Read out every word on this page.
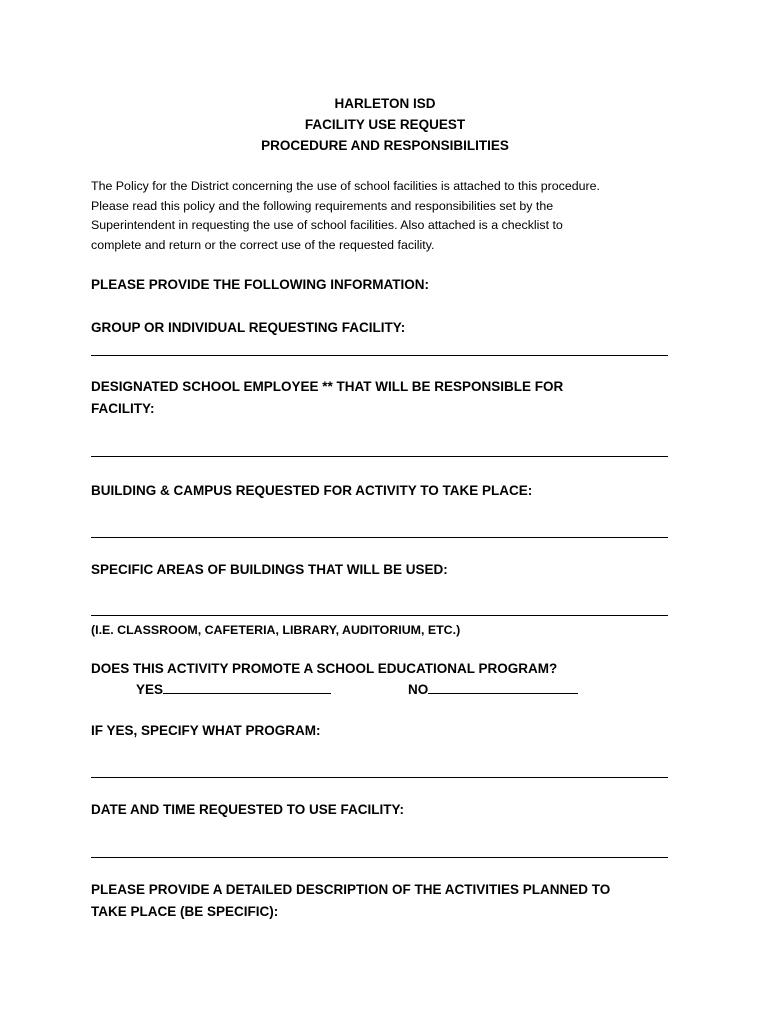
HARLETON ISD
FACILITY USE REQUEST
PROCEDURE AND RESPONSIBILITIES
The Policy for the District concerning the use of school facilities is attached to this procedure.
Please read this policy and the following requirements and responsibilities set by the
Superintendent in requesting the use of school facilities. Also attached is a checklist to
complete and return or the correct use of the requested facility.
PLEASE PROVIDE THE FOLLOWING INFORMATION:
GROUP OR INDIVIDUAL REQUESTING FACILITY:
DESIGNATED SCHOOL EMPLOYEE ** THAT WILL BE RESPONSIBLE FOR
FACILITY:
BUILDING & CAMPUS REQUESTED FOR ACTIVITY TO TAKE PLACE:
SPECIFIC AREAS OF BUILDINGS THAT WILL BE USED:
(I.E. CLASSROOM, CAFETERIA, LIBRARY, AUDITORIUM, ETC.)
DOES THIS ACTIVITY PROMOTE A SCHOOL EDUCATIONAL PROGRAM?
YES	NO
IF YES, SPECIFY WHAT PROGRAM:
DATE AND TIME REQUESTED TO USE FACILITY:
PLEASE PROVIDE A DETAILED DESCRIPTION OF THE ACTIVITIES PLANNED TO
TAKE PLACE (BE SPECIFIC):
